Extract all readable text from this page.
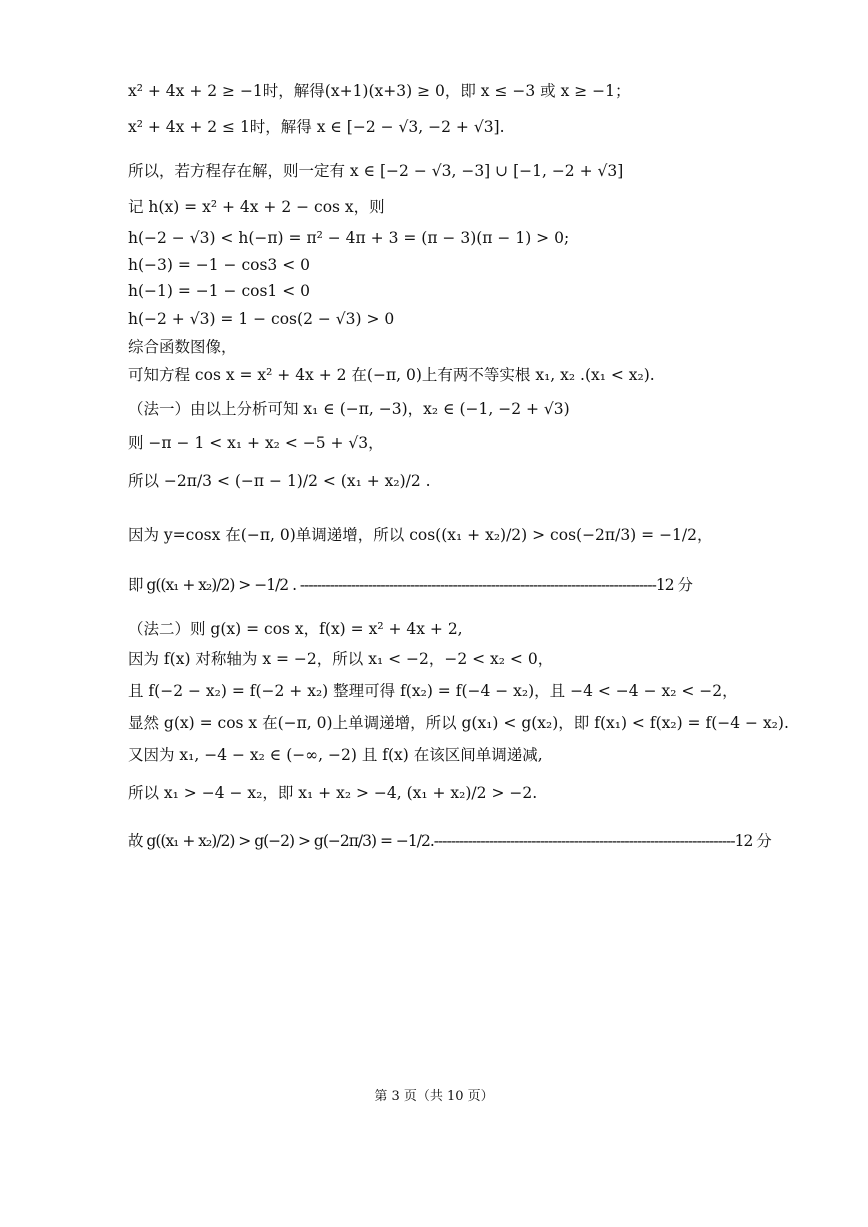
x² + 4x + 2 ≥ −1时，解得(x+1)(x+3) ≥ 0，即 x ≤ −3 或 x ≥ −1；
x² + 4x + 2 ≤ 1时，解得 x ∈ [−2 − √3, −2 + √3].
所以，若方程存在解，则一定有 x ∈ [−2 − √3, −3] ∪ [−1, −2 + √3]
记 h(x) = x² + 4x + 2 − cos x，则
h(−2 − √3) < h(−π) = π² − 4π + 3 = (π − 3)(π − 1) > 0;
h(−3) = −1 − cos3 < 0
h(−1) = −1 − cos1 < 0
h(−2 + √3) = 1 − cos(2 − √3) > 0
综合函数图像，
可知方程 cos x = x² + 4x + 2 在(−π, 0)上有两不等实根 x₁, x₂ .(x₁ < x₂).
（法一）由以上分析可知 x₁ ∈ (−π, −3)，x₂ ∈ (−1, −2 + √3)
则 −π − 1 < x₁ + x₂ < −5 + √3，
所以 −2π/3 < (−π − 1)/2 < (x₁ + x₂)/2 .
因为 y=cosx 在(−π, 0)单调递增，所以 cos((x₁ + x₂)/2) > cos(−2π/3) = −1/2，
即 g((x₁ + x₂)/2) > −1/2 . ------------------------------------------------------------------------------------12 分
（法二）则 g(x) = cos x，f(x) = x² + 4x + 2,
因为 f(x) 对称轴为 x = −2，所以 x₁ < −2，−2 < x₂ < 0，
且 f(−2 − x₂) = f(−2 + x₂) 整理可得 f(x₂) = f(−4 − x₂)，且 −4 < −4 − x₂ < −2，
显然 g(x) = cos x 在(−π, 0)上单调递增，所以 g(x₁) < g(x₂)，即 f(x₁) < f(x₂) = f(−4 − x₂).
又因为 x₁, −4 − x₂ ∈ (−∞, −2) 且 f(x) 在该区间单调递减,
所以 x₁ > −4 − x₂，即 x₁ + x₂ > −4, (x₁ + x₂)/2 > −2.
故 g((x₁ + x₂)/2) > g(−2) > g(−2π/3) = −1/2.-----------------------------------------------------------------------12 分
第 3 页（共 10 页）
